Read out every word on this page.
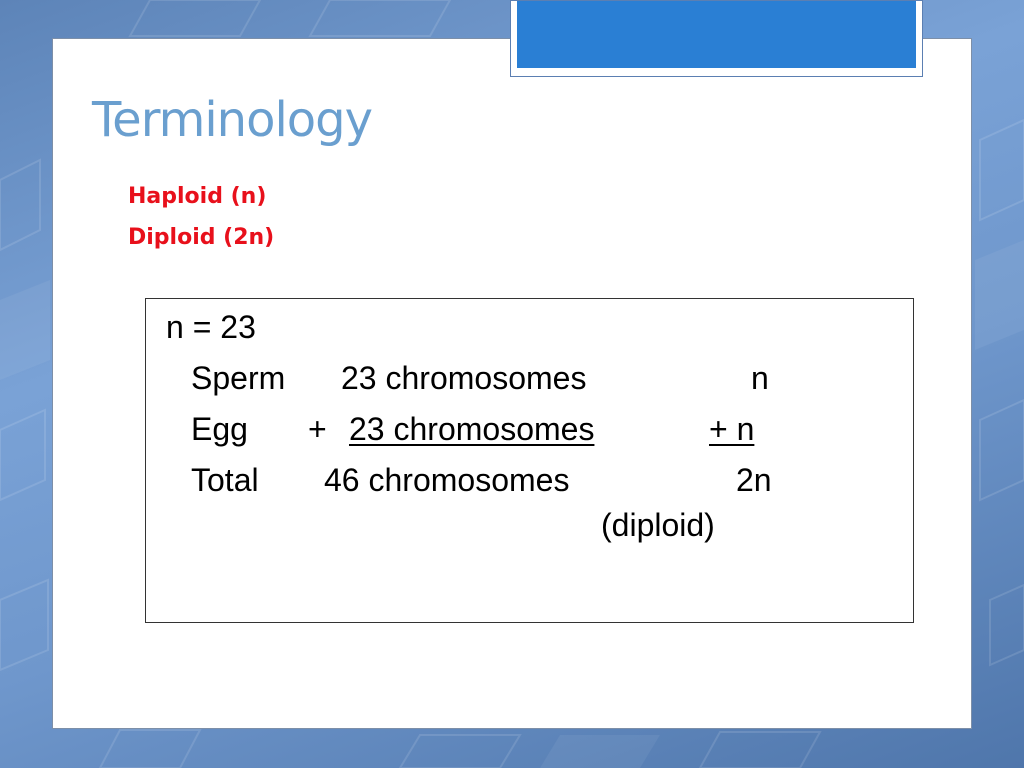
Terminology
Haploid (n)
Diploid (2n)
n = 23
Sperm 23 chromosomes	n
Egg + 23 chromosomes	+ n
Total 46 chromosomes	2n
(diploid)
